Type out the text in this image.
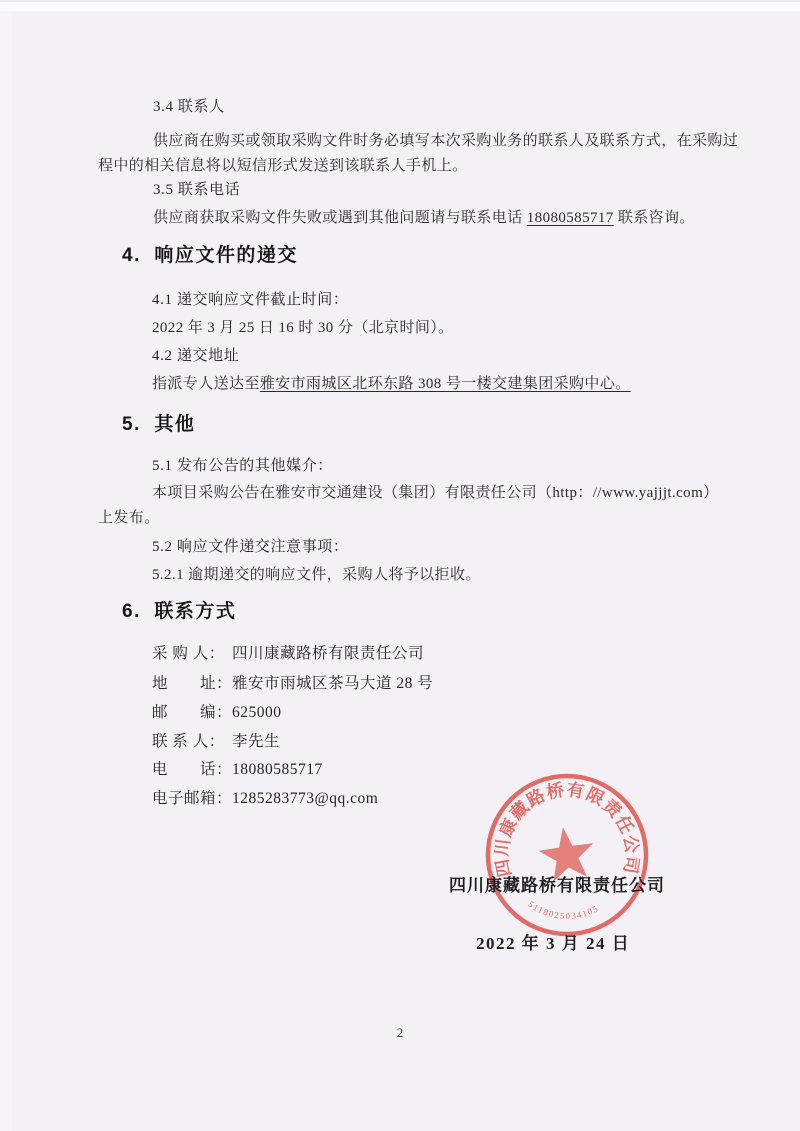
3.4 联系人
供应商在购买或领取采购文件时务必填写本次采购业务的联系人及联系方式，在采购过
程中的相关信息将以短信形式发送到该联系人手机上。
3.5 联系电话
供应商获取采购文件失败或遇到其他问题请与联系电话 18080585717 联系咨询。
4.  响应文件的递交
4.1 递交响应文件截止时间：
2022 年 3 月 25 日 16 时 30 分（北京时间）。
4.2 递交地址
指派专人送达至雅安市雨城区北环东路 308 号一楼交建集团采购中心。
5.  其他
5.1 发布公告的其他媒介：
本项目采购公告在雅安市交通建设（集团）有限责任公司（http：//www.yajjjt.com）
上发布。
5.2 响应文件递交注意事项：
5.2.1 逾期递交的响应文件，采购人将予以拒收。
6.  联系方式
采 购 人： 四川康藏路桥有限责任公司
地　　址：雅安市雨城区茶马大道 28 号
邮　　编：625000
联 系 人： 李先生
电　　话：18080585717
电子邮箱：1285283773@qq.com
四川康藏路桥有限责任公司
5118025034105
四川康藏路桥有限责任公司
2022 年 3 月 24 日
2
